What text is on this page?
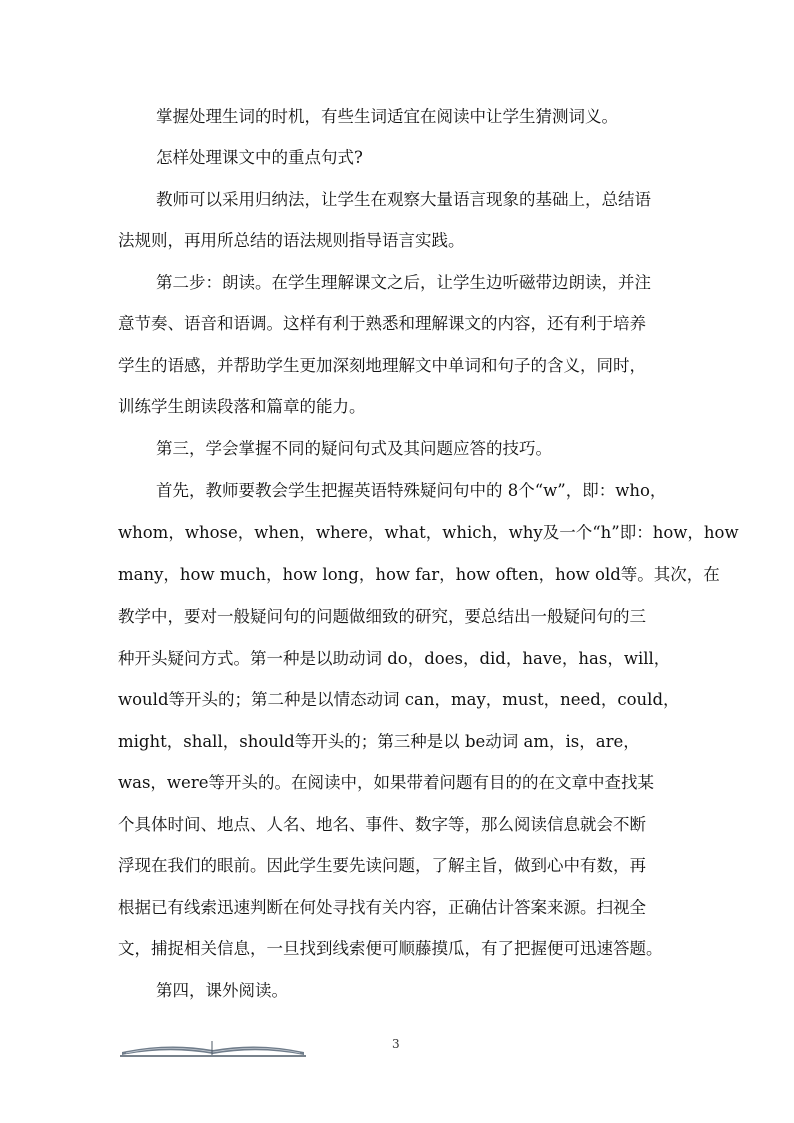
掌握处理生词的时机，有些生词适宜在阅读中让学生猜测词义。
怎样处理课文中的重点句式?
教师可以采用归纳法，让学生在观察大量语言现象的基础上，总结语
法规则，再用所总结的语法规则指导语言实践。
第二步：朗读。在学生理解课文之后，让学生边听磁带边朗读，并注
意节奏、语音和语调。这样有利于熟悉和理解课文的内容，还有利于培养
学生的语感，并帮助学生更加深刻地理解文中单词和句子的含义，同时，
训练学生朗读段落和篇章的能力。
第三，学会掌握不同的疑问句式及其问题应答的技巧。
首先，教师要教会学生把握英语特殊疑问句中的 8个“w”，即：who，
whom，whose，when，where，what，which，why及一个“h”即：how，how
many，how much，how long，how far，how often，how old等。其次，在
教学中，要对一般疑问句的问题做细致的研究，要总结出一般疑问句的三
种开头疑问方式。第一种是以助动词 do，does，did，have，has，will，
would等开头的；第二种是以情态动词 can，may，must，need，could，
might，shall，should等开头的；第三种是以 be动词 am，is，are，
was，were等开头的。在阅读中，如果带着问题有目的的在文章中查找某
个具体时间、地点、人名、地名、事件、数字等，那么阅读信息就会不断
浮现在我们的眼前。因此学生要先读问题，了解主旨，做到心中有数，再
根据已有线索迅速判断在何处寻找有关内容，正确估计答案来源。扫视全
文，捕捉相关信息，一旦找到线索便可顺藤摸瓜，有了把握便可迅速答题。
第四，课外阅读。
3
